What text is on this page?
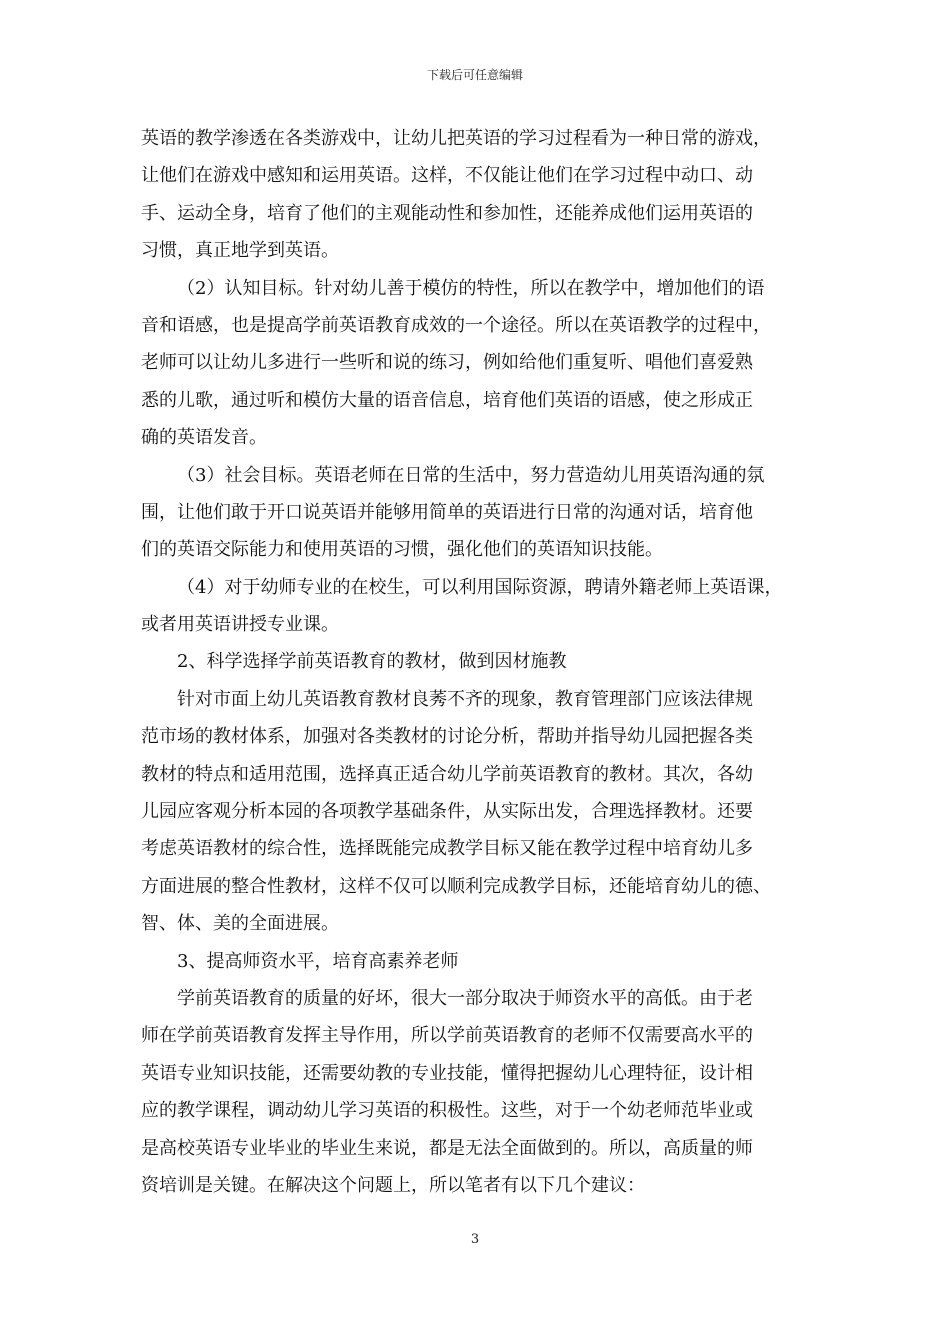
下载后可任意编辑
英语的教学渗透在各类游戏中，让幼儿把英语的学习过程看为一种日常的游戏，
让他们在游戏中感知和运用英语。这样，不仅能让他们在学习过程中动口、动
手、运动全身，培育了他们的主观能动性和参加性，还能养成他们运用英语的
习惯，真正地学到英语。
（2）认知目标。针对幼儿善于模仿的特性，所以在教学中，增加他们的语
音和语感，也是提高学前英语教育成效的一个途径。所以在英语教学的过程中，
老师可以让幼儿多进行一些听和说的练习，例如给他们重复听、唱他们喜爱熟
悉的儿歌，通过听和模仿大量的语音信息，培育他们英语的语感，使之形成正
确的英语发音。
（3）社会目标。英语老师在日常的生活中，努力营造幼儿用英语沟通的氛
围，让他们敢于开口说英语并能够用简单的英语进行日常的沟通对话，培育他
们的英语交际能力和使用英语的习惯，强化他们的英语知识技能。
（4）对于幼师专业的在校生，可以利用国际资源，聘请外籍老师上英语课，
或者用英语讲授专业课。
2、科学选择学前英语教育的教材，做到因材施教
针对市面上幼儿英语教育教材良莠不齐的现象，教育管理部门应该法律规
范市场的教材体系，加强对各类教材的讨论分析，帮助并指导幼儿园把握各类
教材的特点和适用范围，选择真正适合幼儿学前英语教育的教材。其次，各幼
儿园应客观分析本园的各项教学基础条件，从实际出发，合理选择教材。还要
考虑英语教材的综合性，选择既能完成教学目标又能在教学过程中培育幼儿多
方面进展的整合性教材，这样不仅可以顺利完成教学目标，还能培育幼儿的德、
智、体、美的全面进展。
3、提高师资水平，培育高素养老师
学前英语教育的质量的好坏，很大一部分取决于师资水平的高低。由于老
师在学前英语教育发挥主导作用，所以学前英语教育的老师不仅需要高水平的
英语专业知识技能，还需要幼教的专业技能，懂得把握幼儿心理特征，设计相
应的教学课程，调动幼儿学习英语的积极性。这些，对于一个幼老师范毕业或
是高校英语专业毕业的毕业生来说，都是无法全面做到的。所以，高质量的师
资培训是关键。在解决这个问题上，所以笔者有以下几个建议：
3
